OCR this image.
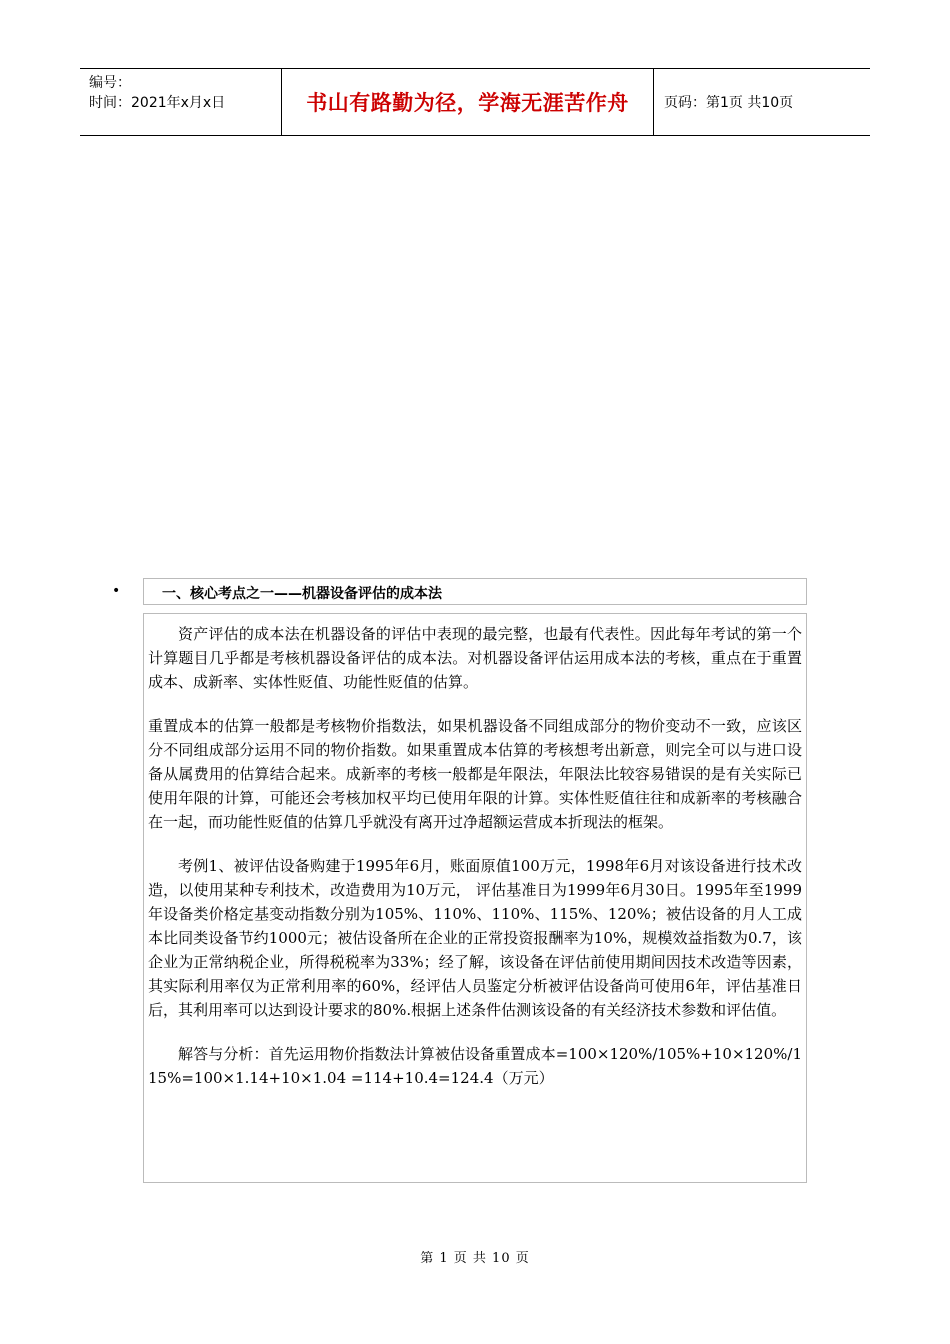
编号：
时间：2021年x月x日	书山有路勤为径，学海无涯苦作舟	页码：第1页 共10页
•	一、核心考点之一——机器设备评估的成本法

资产评估的成本法在机器设备的评估中表现的最完整，也最有代表性。因此每年考试的第一个计算题目几乎都是考核机器设备评估的成本法。对机器设备评估运用成本法的考核，重点在于重置成本、成新率、实体性贬值、功能性贬值的估算。

重置成本的估算一般都是考核物价指数法，如果机器设备不同组成部分的物价变动不一致，应该区分不同组成部分运用不同的物价指数。如果重置成本估算的考核想考出新意，则完全可以与进口设备从属费用的估算结合起来。成新率的考核一般都是年限法，年限法比较容易错误的是有关实际已使用年限的计算，可能还会考核加权平均已使用年限的计算。实体性贬值往往和成新率的考核融合在一起，而功能性贬值的估算几乎就没有离开过净超额运营成本折现法的框架。

考例1、被评估设备购建于1995年6月，账面原值100万元，1998年6月对该设备进行技术改造，以使用某种专利技术，改造费用为10万元， 评估基准日为1999年6月30日。1995年至1999年设备类价格定基变动指数分别为105%、110%、110%、115%、120%；被估设备的月人工成本比同类设备节约1000元；被估设备所在企业的正常投资报酬率为10%，规模效益指数为0.7，该企业为正常纳税企业，所得税税率为33%；经了解，该设备在评估前使用期间因技术改造等因素，其实际利用率仅为正常利用率的60%，经评估人员鉴定分析被评估设备尚可使用6年，评估基准日后，其利用率可以达到设计要求的80%.根据上述条件估测该设备的有关经济技术参数和评估值。

解答与分析：首先运用物价指数法计算被估设备重置成本=100×120%/105%+10×120%/115%=100×1.14+10×1.04 =114+10.4=124.4（万元）

第 1 页 共 10 页
